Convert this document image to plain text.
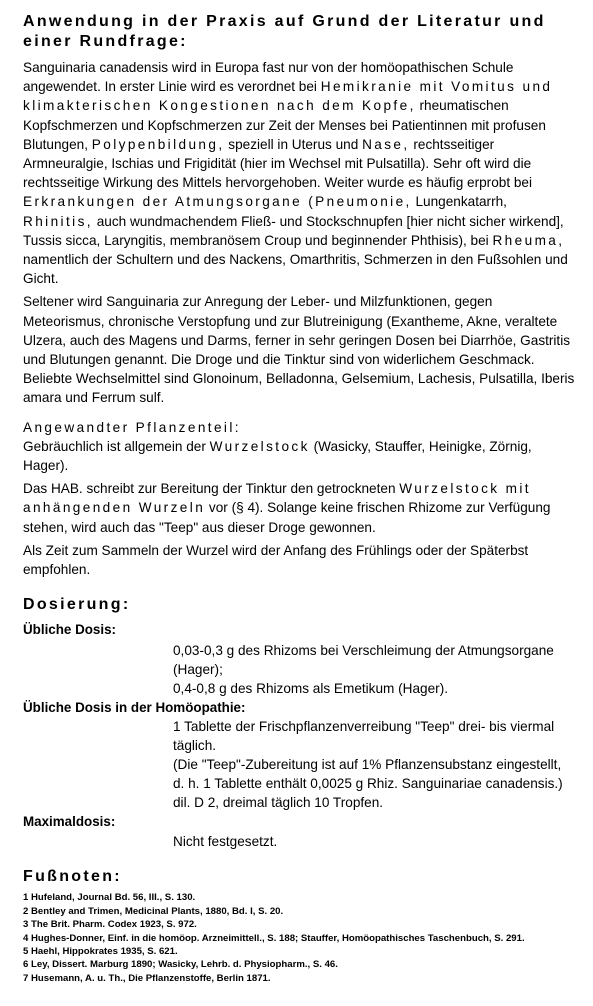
Anwendung in der Praxis auf Grund der Literatur und einer Rundfrage:

Sanguinaria canadensis wird in Europa fast nur von der homöopathischen Schule angewendet. In erster Linie wird es verordnet bei Hemikranie mit Vomitus und klimakterischen Kongestionen nach dem Kopfe, rheumatischen Kopfschmerzen und Kopfschmerzen zur Zeit der Menses bei Patientinnen mit profusen Blutungen, Polypenbildung, speziell in Uterus und Nase, rechtsseitiger Armneuralgie, Ischias und Frigidität (hier im Wechsel mit Pulsatilla). Sehr oft wird die rechtsseitige Wirkung des Mittels hervorgehoben. Weiter wurde es häufig erprobt bei Erkrankungen der Atmungsorgane (Pneumonie, Lungenkatarrh, Rhinitis, auch wundmachendem Fließ- und Stockschnupfen [hier nicht sicher wirkend], Tussis sicca, Laryngitis, membranösem Croup und beginnender Phthisis), bei Rheuma, namentlich der Schultern und des Nackens, Omarthritis, Schmerzen in den Fußsohlen und Gicht.

Seltener wird Sanguinaria zur Anregung der Leber- und Milzfunktionen, gegen Meteorismus, chronische Verstopfung und zur Blutreinigung (Exantheme, Akne, veraltete Ulzera, auch des Magens und Darms, ferner in sehr geringen Dosen bei Diarrhöe, Gastritis und Blutungen genannt. Die Droge und die Tinktur sind von widerlichem Geschmack. Beliebte Wechselmittel sind Glonoinum, Belladonna, Gelsemium, Lachesis, Pulsatilla, Iberis amara und Ferrum sulf.

Angewandter Pflanzenteil:

Gebräuchlich ist allgemein der Wurzelstock (Wasicky, Stauffer, Heinigke, Zörnig, Hager).

Das HAB. schreibt zur Bereitung der Tinktur den getrockneten Wurzelstock mit anhängenden Wurzeln vor (§ 4). Solange keine frischen Rhizome zur Verfügung stehen, wird auch das "Teep" aus dieser Droge gewonnen.

Als Zeit zum Sammeln der Wurzel wird der Anfang des Frühlings oder der Späterbst empfohlen.

Dosierung:
Übliche Dosis:
0,03-0,3 g des Rhizoms bei Verschleimung der Atmungsorgane (Hager);
0,4-0,8 g des Rhizoms als Emetikum (Hager).
Übliche Dosis in der Homöopathie:
1 Tablette der Frischpflanzenverreibung "Teep" drei- bis viermal täglich.
(Die "Teep"-Zubereitung ist auf 1% Pflanzensubstanz eingestellt, d. h. 1 Tablette enthält 0,0025 g Rhiz. Sanguinariae canadensis.)
dil. D 2, dreimal täglich 10 Tropfen.
Maximaldosis:
Nicht festgesetzt.
Fußnoten:
1 Hufeland, Journal Bd. 56, III., S. 130.
2 Bentley and Trimen, Medicinal Plants, 1880, Bd. I, S. 20.
3 The Brit. Pharm. Codex 1923, S. 972.
4 Hughes-Donner, Einf. in die homöop. Arzneimittell., S. 188; Stauffer, Homöopathisches Taschenbuch, S. 291.
5 Haehl, Hippokrates 1935, S. 621.
6 Ley, Dissert. Marburg 1890; Wasicky, Lehrb. d. Physiopharm., S. 46.
7 Husemann, A. u. Th., Die Pflanzenstoffe, Berlin 1871.
